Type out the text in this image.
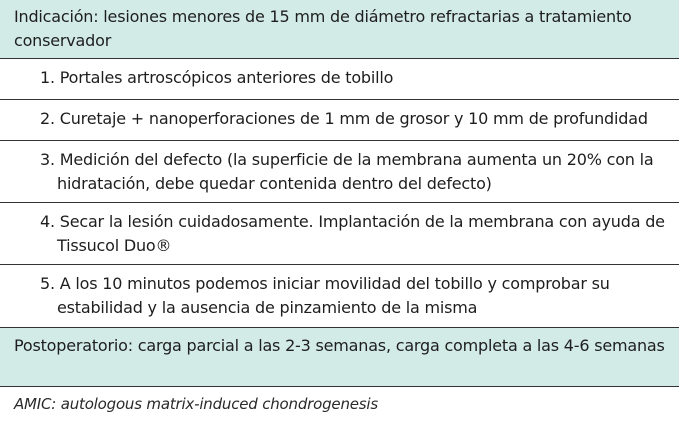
Indicación: lesiones menores de 15 mm de diámetro refractarias a tratamiento conservador
1. Portales artroscópicos anteriores de tobillo
2. Curetaje + nanoperforaciones de 1 mm de grosor y 10 mm de profundidad
3. Medición del defecto (la superficie de la membrana aumenta un 20% con la hidratación, debe quedar contenida dentro del defecto)
4. Secar la lesión cuidadosamente. Implantación de la membrana con ayuda de Tissucol Duo®
5. A los 10 minutos podemos iniciar movilidad del tobillo y comprobar su estabilidad y la ausencia de pinzamiento de la misma
Postoperatorio: carga parcial a las 2-3 semanas, carga completa a las 4-6 semanas
AMIC: autologous matrix-induced chondrogenesis
